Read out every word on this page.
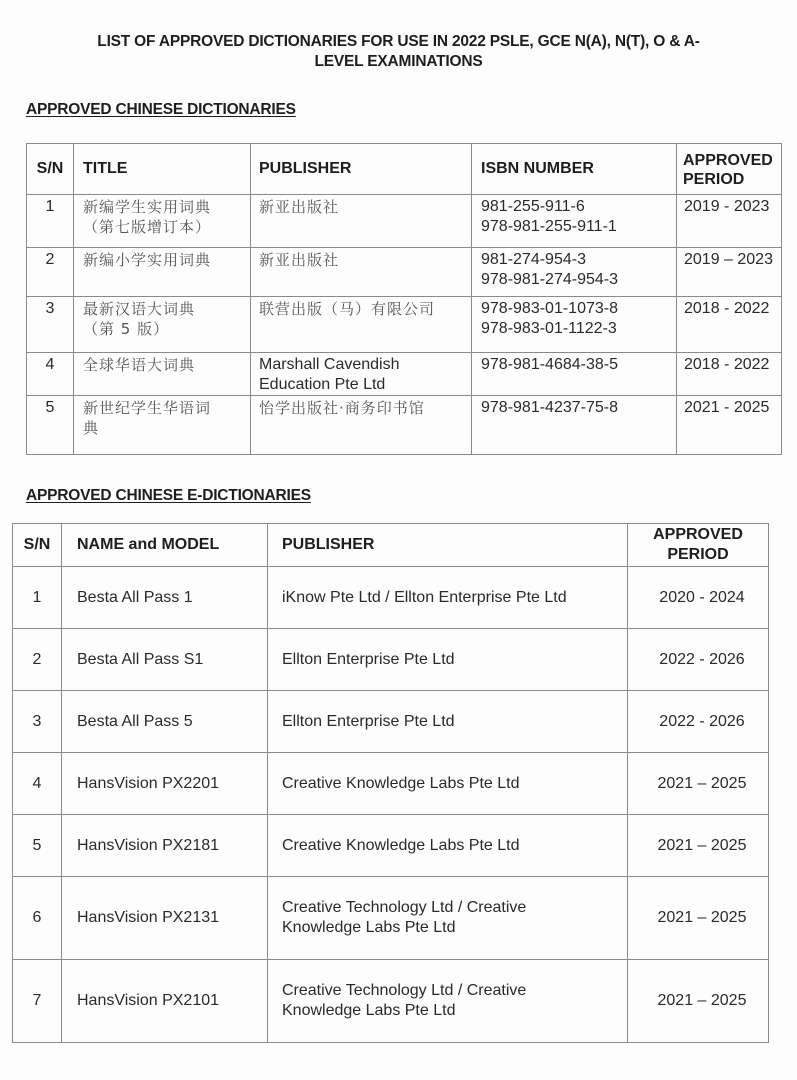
LIST OF APPROVED DICTIONARIES FOR USE IN 2022 PSLE, GCE N(A), N(T), O & A-
LEVEL EXAMINATIONS
APPROVED CHINESE DICTIONARIES
S/N	TITLE	PUBLISHER	ISBN NUMBER	APPROVED
PERIOD

1	新编学生实用词典
（第七版增订本）	新亚出版社	981-255-911-6
978-981-255-911-1	2019 - 2023
2	新编小学实用词典	新亚出版社	981-274-954-3
978-981-274-954-3	2019 – 2023
3	最新汉语大词典
（第 5 版）	联营出版（马）有限公司	978-983-01-1073-8
978-983-01-1122-3	2018 - 2022
4	全球华语大词典	Marshall Cavendish
Education Pte Ltd	978-981-4684-38-5	2018 - 2022
5	新世纪学生华语词
典	怡学出版社·商务印书馆	978-981-4237-75-8	2021 - 2025
APPROVED CHINESE E-DICTIONARIES
S/N	NAME and MODEL	PUBLISHER	APPROVED
PERIOD

1	Besta All Pass 1	iKnow Pte Ltd / Ellton Enterprise Pte Ltd	2020 - 2024
2	Besta All Pass S1	Ellton Enterprise Pte Ltd	2022 - 2026
3	Besta All Pass 5	Ellton Enterprise Pte Ltd	2022 - 2026
4	HansVision PX2201	Creative Knowledge Labs Pte Ltd	2021 – 2025
5	HansVision PX2181	Creative Knowledge Labs Pte Ltd	2021 – 2025
6	HansVision PX2131	Creative Technology Ltd / Creative
Knowledge Labs Pte Ltd	2021 – 2025
7	HansVision PX2101	Creative Technology Ltd / Creative
Knowledge Labs Pte Ltd	2021 – 2025
